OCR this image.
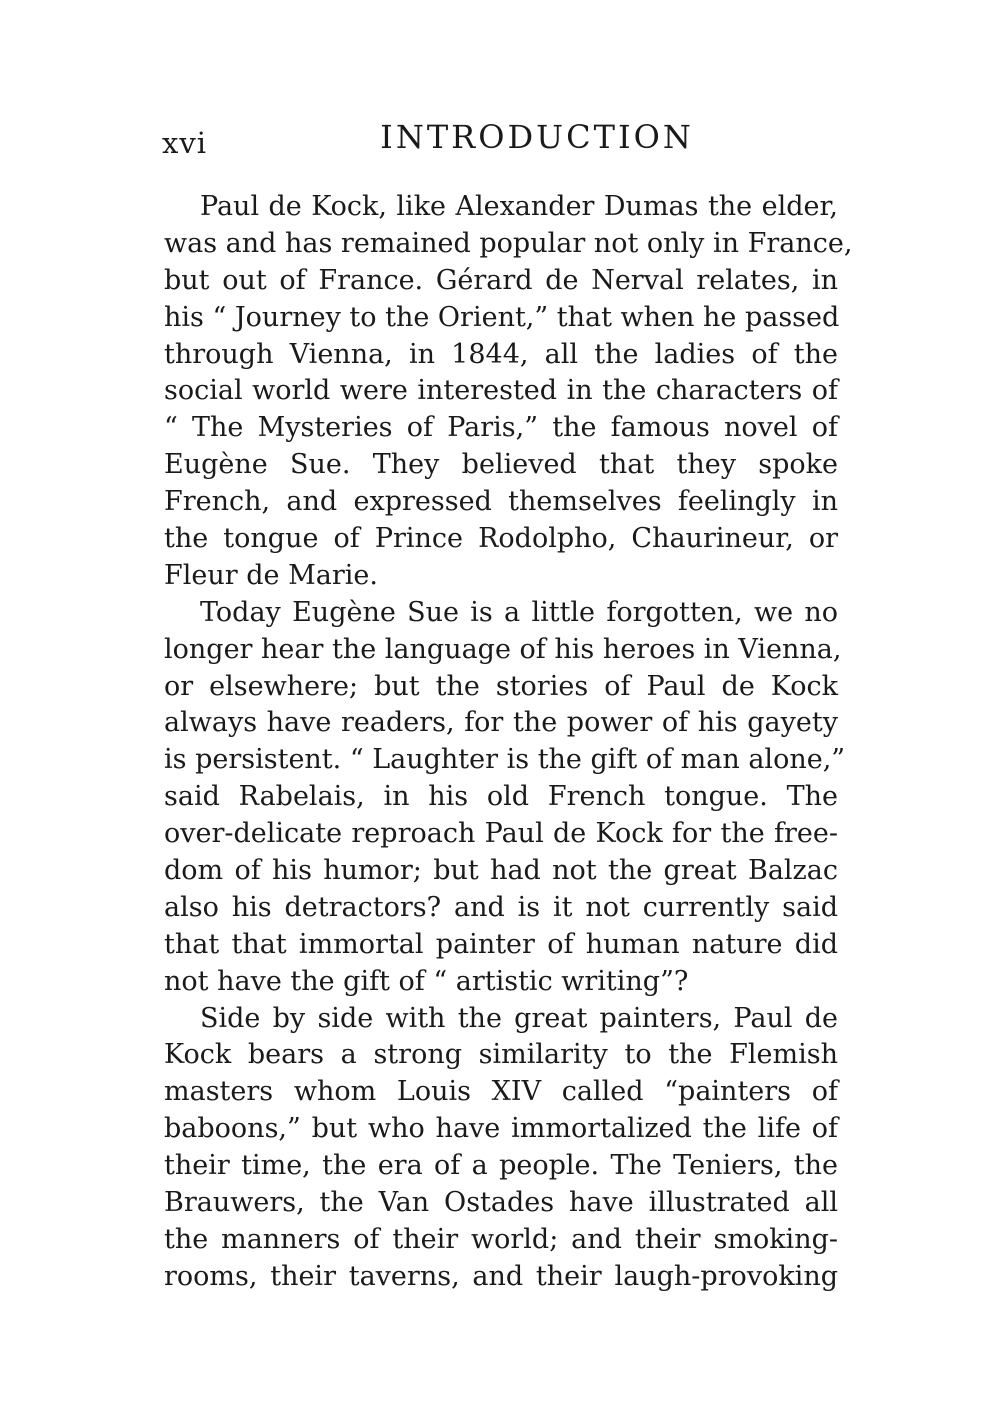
xvi	INTRODUCTION
Paul de Kock, like Alexander Dumas the elder,
was and has remained popular not only in France,
but out of France. Gérard de Nerval relates, in
his “ Journey to the Orient,” that when he passed
through Vienna, in 1844, all the ladies of the
social world were interested in the characters of
“ The Mysteries of Paris,” the famous novel of
Eugène Sue. They believed that they spoke
French, and expressed themselves feelingly in
the tongue of Prince Rodolpho, Chaurineur, or
Fleur de Marie.
Today Eugène Sue is a little forgotten, we no
longer hear the language of his heroes in Vienna,
or elsewhere; but the stories of Paul de Kock
always have readers, for the power of his gayety
is persistent. “ Laughter is the gift of man alone,”
said Rabelais, in his old French tongue. The
over-delicate reproach Paul de Kock for the free-
dom of his humor; but had not the great Balzac
also his detractors? and is it not currently said
that that immortal painter of human nature did
not have the gift of “ artistic writing”?
Side by side with the great painters, Paul de
Kock bears a strong similarity to the Flemish
masters whom Louis XIV called “painters of
baboons,” but who have immortalized the life of
their time, the era of a people. The Teniers, the
Brauwers, the Van Ostades have illustrated all
the manners of their world; and their smoking-
rooms, their taverns, and their laugh-provoking
